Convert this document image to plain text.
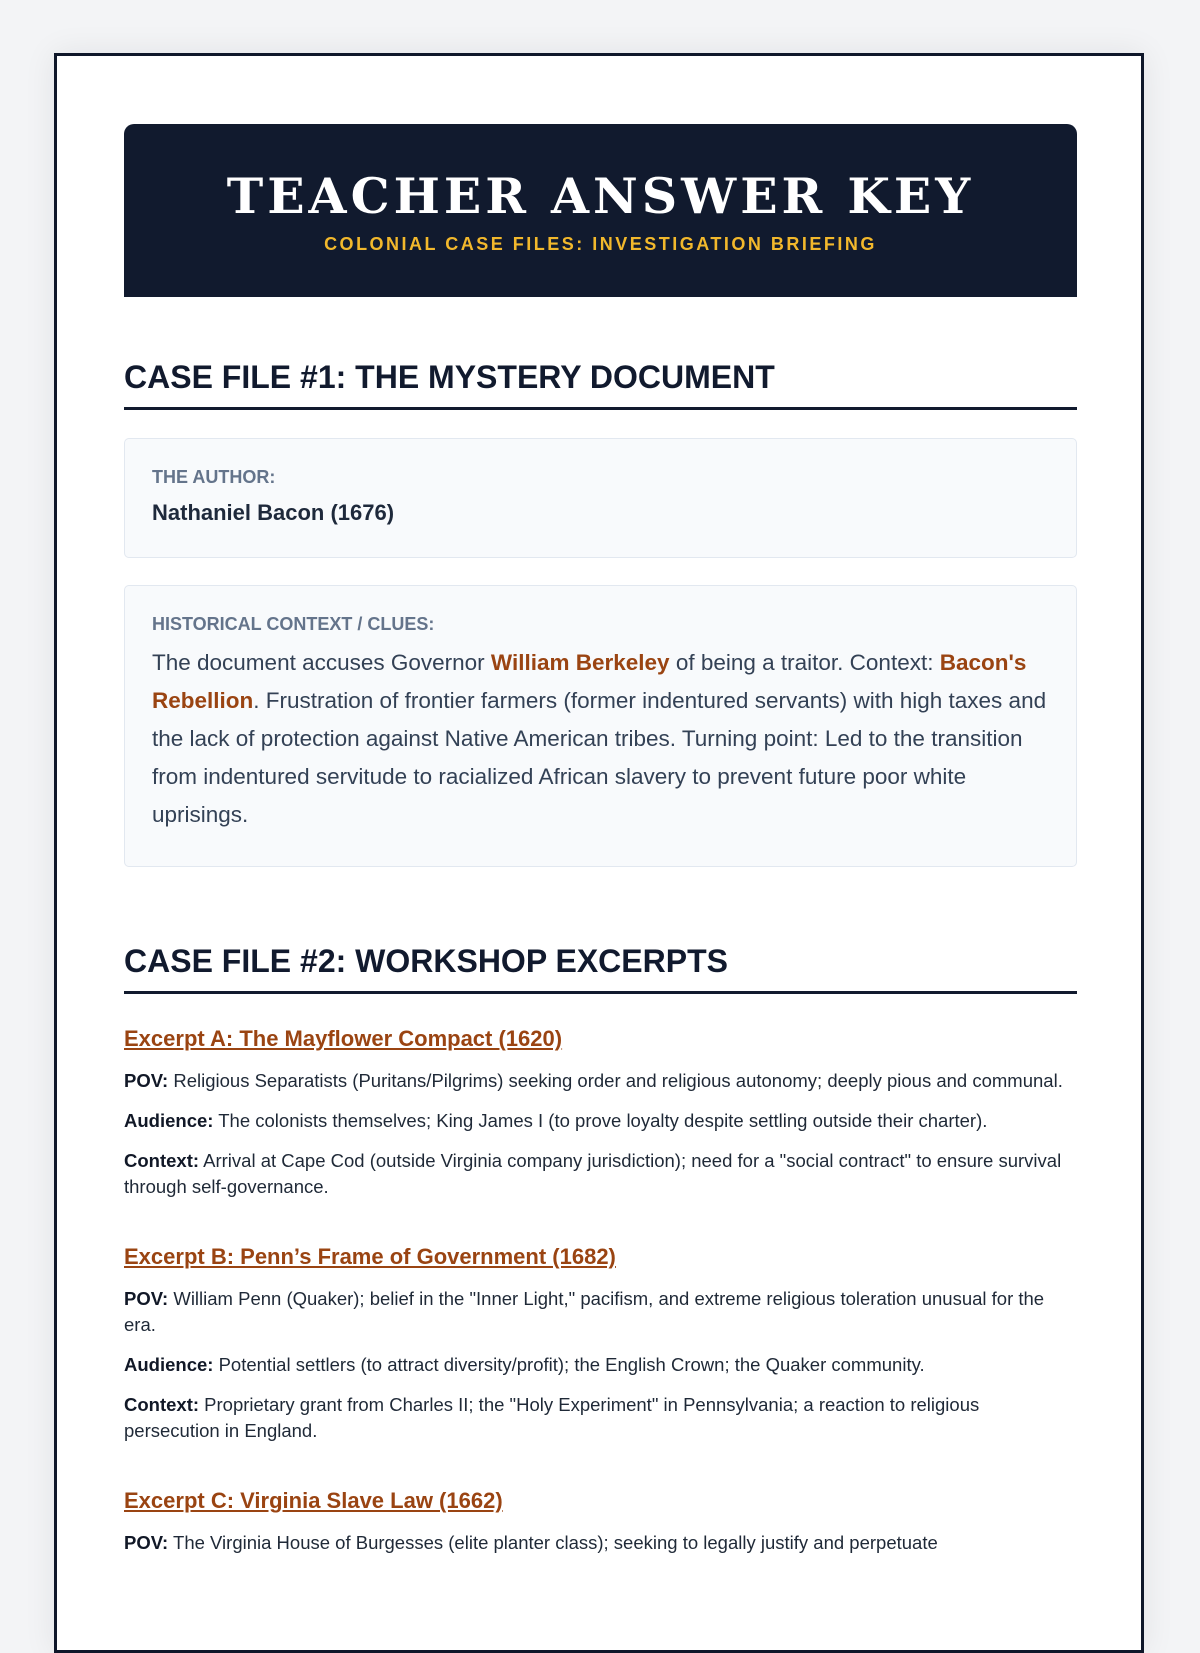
TEACHER ANSWER KEY
COLONIAL CASE FILES: INVESTIGATION BRIEFING
CASE FILE #1: THE MYSTERY DOCUMENT
THE AUTHOR:
Nathaniel Bacon (1676)
HISTORICAL CONTEXT / CLUES:
The document accuses Governor William Berkeley of being a traitor. Context: Bacon's Rebellion. Frustration of frontier farmers (former indentured servants) with high taxes and the lack of protection against Native American tribes. Turning point: Led to the transition from indentured servitude to racialized African slavery to prevent future poor white uprisings.
CASE FILE #2: WORKSHOP EXCERPTS
Excerpt A: The Mayflower Compact (1620)
POV: Religious Separatists (Puritans/Pilgrims) seeking order and religious autonomy; deeply pious and communal.
Audience: The colonists themselves; King James I (to prove loyalty despite settling outside their charter).
Context: Arrival at Cape Cod (outside Virginia company jurisdiction); need for a "social contract" to ensure survival through self-governance.
Excerpt B: Penn’s Frame of Government (1682)
POV: William Penn (Quaker); belief in the "Inner Light," pacifism, and extreme religious toleration unusual for the era.
Audience: Potential settlers (to attract diversity/profit); the English Crown; the Quaker community.
Context: Proprietary grant from Charles II; the "Holy Experiment" in Pennsylvania; a reaction to religious persecution in England.
Excerpt C: Virginia Slave Law (1662)
POV: The Virginia House of Burgesses (elite planter class); seeking to legally justify and perpetuate
